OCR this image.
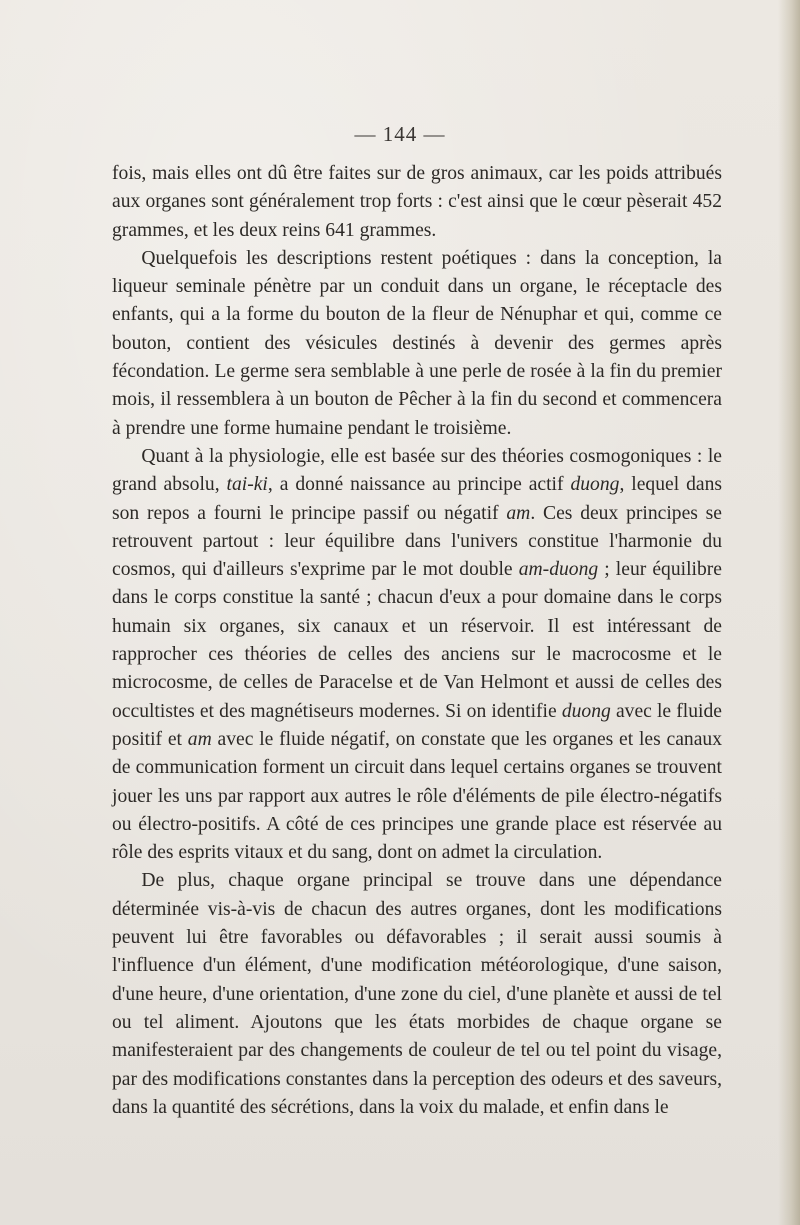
— 144 —

fois, mais elles ont dû être faites sur de gros animaux, car les poids attribués aux organes sont généralement trop forts : c'est ainsi que le cœur pèserait 452 grammes, et les deux reins 641 grammes.

Quelquefois les descriptions restent poétiques : dans la conception, la liqueur seminale pénètre par un conduit dans un organe, le réceptacle des enfants, qui a la forme du bouton de la fleur de Nénuphar et qui, comme ce bouton, contient des vésicules destinés à devenir des germes après fécondation. Le germe sera semblable à une perle de rosée à la fin du premier mois, il ressemblera à un bouton de Pêcher à la fin du second et commencera à prendre une forme humaine pendant le troisième.

Quant à la physiologie, elle est basée sur des théories cosmogoniques : le grand absolu, tai-ki, a donné naissance au principe actif duong, lequel dans son repos a fourni le principe passif ou négatif am. Ces deux principes se retrouvent partout : leur équilibre dans l'univers constitue l'harmonie du cosmos, qui d'ailleurs s'exprime par le mot double am-duong ; leur équilibre dans le corps constitue la santé ; chacun d'eux a pour domaine dans le corps humain six organes, six canaux et un réservoir. Il est intéressant de rapprocher ces théories de celles des anciens sur le macrocosme et le microcosme, de celles de Paracelse et de Van Helmont et aussi de celles des occultistes et des magnétiseurs modernes. Si on identifie duong avec le fluide positif et am avec le fluide négatif, on constate que les organes et les canaux de communication forment un circuit dans lequel certains organes se trouvent jouer les uns par rapport aux autres le rôle d'éléments de pile électro-négatifs ou électro-positifs. A côté de ces principes une grande place est réservée au rôle des esprits vitaux et du sang, dont on admet la circulation.

De plus, chaque organe principal se trouve dans une dépendance déterminée vis-à-vis de chacun des autres organes, dont les modifications peuvent lui être favorables ou défavorables ; il serait aussi soumis à l'influence d'un élément, d'une modification météorologique, d'une saison, d'une heure, d'une orientation, d'une zone du ciel, d'une planète et aussi de tel ou tel aliment. Ajoutons que les états morbides de chaque organe se manifesteraient par des changements de couleur de tel ou tel point du visage, par des modifications constantes dans la perception des odeurs et des saveurs, dans la quantité des sécrétions, dans la voix du malade, et enfin dans le
